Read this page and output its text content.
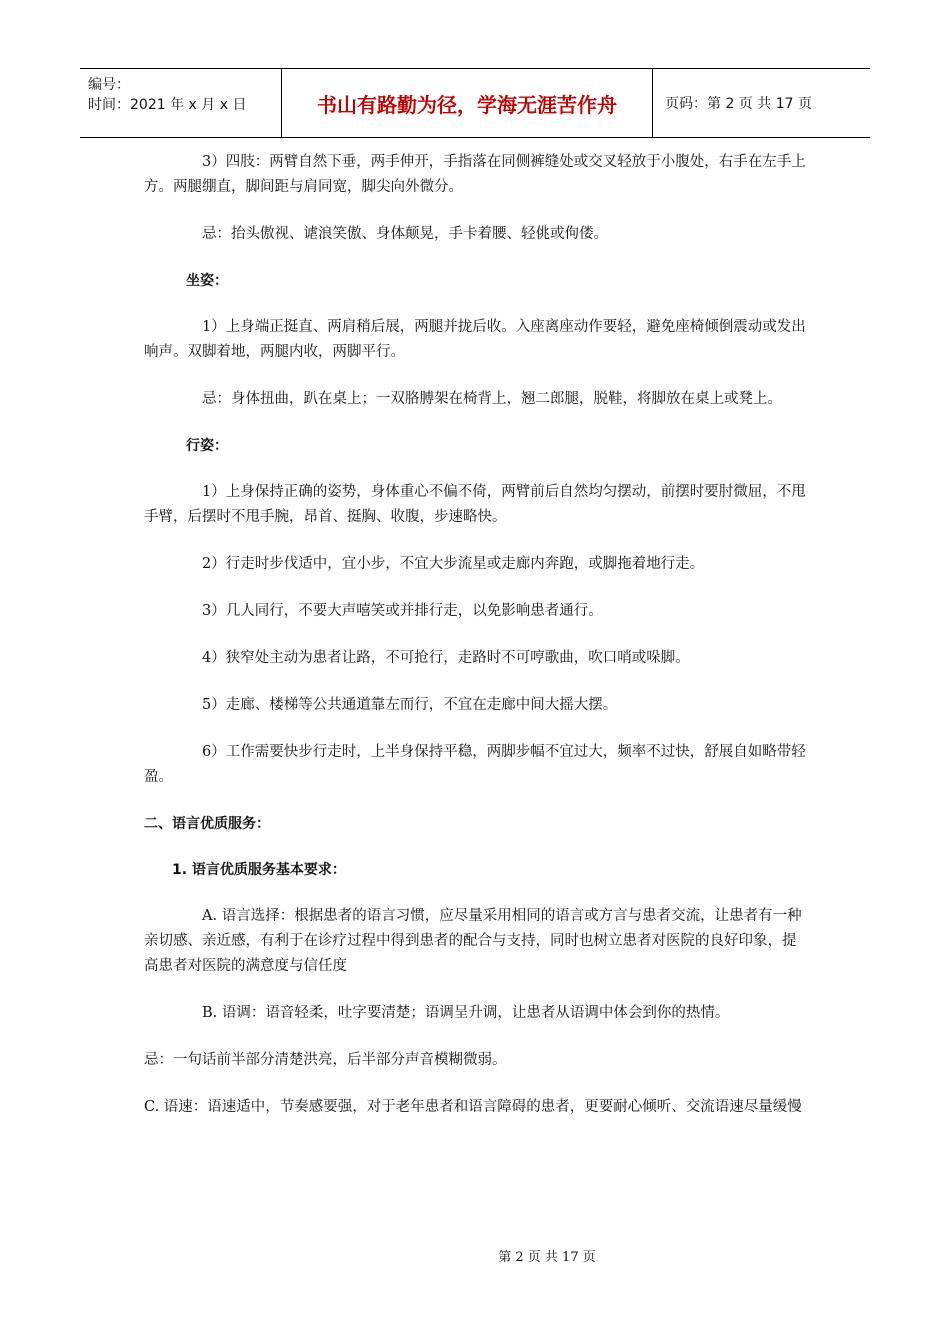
编号：
时间：2021 年 x 月 x 日	书山有路勤为径，学海无涯苦作舟	页码：第 2 页 共 17 页

3）四肢：两臂自然下垂，两手伸开，手指落在同侧裤缝处或交叉轻放于小腹处，右手在左手上方。两腿绷直，脚间距与肩同宽，脚尖向外微分。

忌：抬头傲视、谑浪笑傲、身体颠晃，手卡着腰、轻佻或佝偻。

坐姿：

1）上身端正挺直、两肩稍后展，两腿并拢后收。入座离座动作要轻，避免座椅倾倒震动或发出响声。双脚着地，两腿内收，两脚平行。

忌：身体扭曲，趴在桌上；一双胳膊架在椅背上，翘二郎腿，脱鞋，将脚放在桌上或凳上。

行姿：

1）上身保持正确的姿势，身体重心不偏不倚，两臂前后自然均匀摆动，前摆时要肘微屈，不甩手臂，后摆时不甩手腕，昂首、挺胸、收腹，步速略快。

2）行走时步伐适中，宜小步，不宜大步流星或走廊内奔跑，或脚拖着地行走。

3）几人同行，不要大声嘻笑或并排行走，以免影响患者通行。

4）狭窄处主动为患者让路，不可抢行，走路时不可哼歌曲，吹口哨或哚脚。

5）走廊、楼梯等公共通道靠左而行，不宜在走廊中间大摇大摆。

6）工作需要快步行走时，上半身保持平稳，两脚步幅不宜过大，频率不过快，舒展自如略带轻盈。

二、语言优质服务：

1. 语言优质服务基本要求：

A. 语言选择：根据患者的语言习惯，应尽量采用相同的语言或方言与患者交流，让患者有一种亲切感、亲近感，有利于在诊疗过程中得到患者的配合与支持，同时也树立患者对医院的良好印象，提高患者对医院的满意度与信任度

B. 语调：语音轻柔，吐字要清楚；语调呈升调，让患者从语调中体会到你的热情。

忌：一句话前半部分清楚洪亮，后半部分声音模糊微弱。

C. 语速：语速适中，节奏感要强，对于老年患者和语言障碍的患者，更要耐心倾听、交流语速尽量缓慢

第 2 页 共 17 页
